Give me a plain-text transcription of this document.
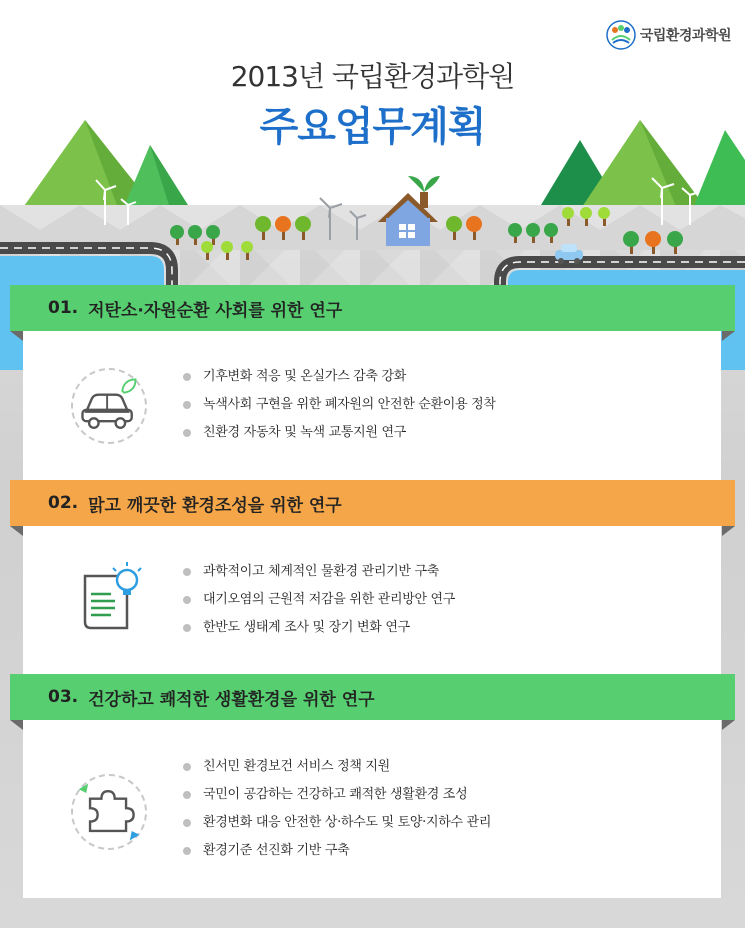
국립환경과학원
2013년 국립환경과학원
주요업무계획
01. 저탄소·자원순환 사회를 위한 연구
기후변화 적응 및 온실가스 감축 강화
녹색사회 구현을 위한 폐자원의 안전한 순환이용 정착
친환경 자동차 및 녹색 교통지원 연구
02. 맑고 깨끗한 환경조성을 위한 연구
과학적이고 체계적인 물환경 관리기반 구축
대기오염의 근원적 저감을 위한 관리방안 연구
한반도 생태계 조사 및 장기 변화 연구
03. 건강하고 쾌적한 생활환경을 위한 연구
친서민 환경보건 서비스 정책 지원
국민이 공감하는 건강하고 쾌적한 생활환경 조성
환경변화 대응 안전한 상·하수도 및 토양·지하수 관리
환경기준 선진화 기반 구축
